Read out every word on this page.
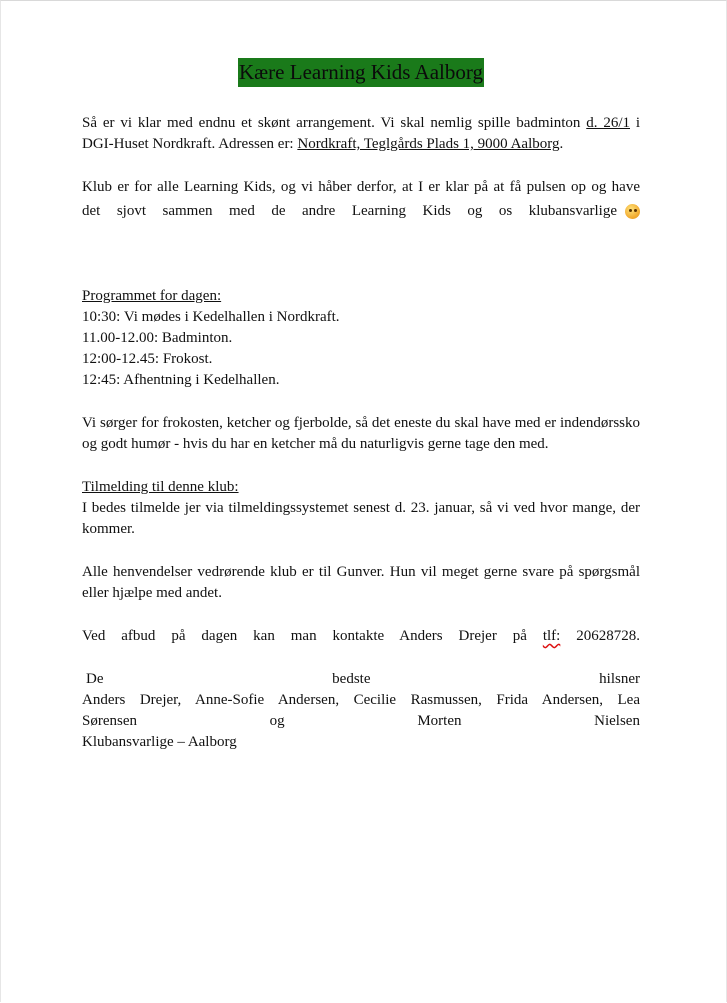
Kære Learning Kids Aalborg

Så er vi klar med endnu et skønt arrangement. Vi skal nemlig spille badminton d. 26/1 i DGI-Huset Nordkraft. Adressen er: Nordkraft, Teglgårds Plads 1, 9000 Aalborg.

Klub er for alle Learning Kids, og vi håber derfor, at I er klar på at få pulsen op og have

det sjovt sammen med de andre Learning Kids og os klubansvarlige

Programmet for dagen:

10:30: Vi mødes i Kedelhallen i Nordkraft.

11.00-12.00: Badminton.

12:00-12.45: Frokost.

12:45: Afhentning i Kedelhallen.

Vi sørger for frokosten, ketcher og fjerbolde, så det eneste du skal have med er indendørssko og godt humør - hvis du har en ketcher må du naturligvis gerne tage den med.

Tilmelding til denne klub:

I bedes tilmelde jer via tilmeldingssystemet senest d. 23. januar, så vi ved hvor mange, der kommer.

Alle henvendelser vedrørende klub er til Gunver. Hun vil meget gerne svare på spørgsmål eller hjælpe med andet.

Ved afbud på dagen kan man kontakte Anders Drejer på tlf: 20628728.

De	bedste	hilsner

Anders Drejer, Anne-Sofie Andersen, Cecilie Rasmussen, Frida Andersen, Lea

Sørensen	og	Morten	Nielsen

Klubansvarlige – Aalborg
